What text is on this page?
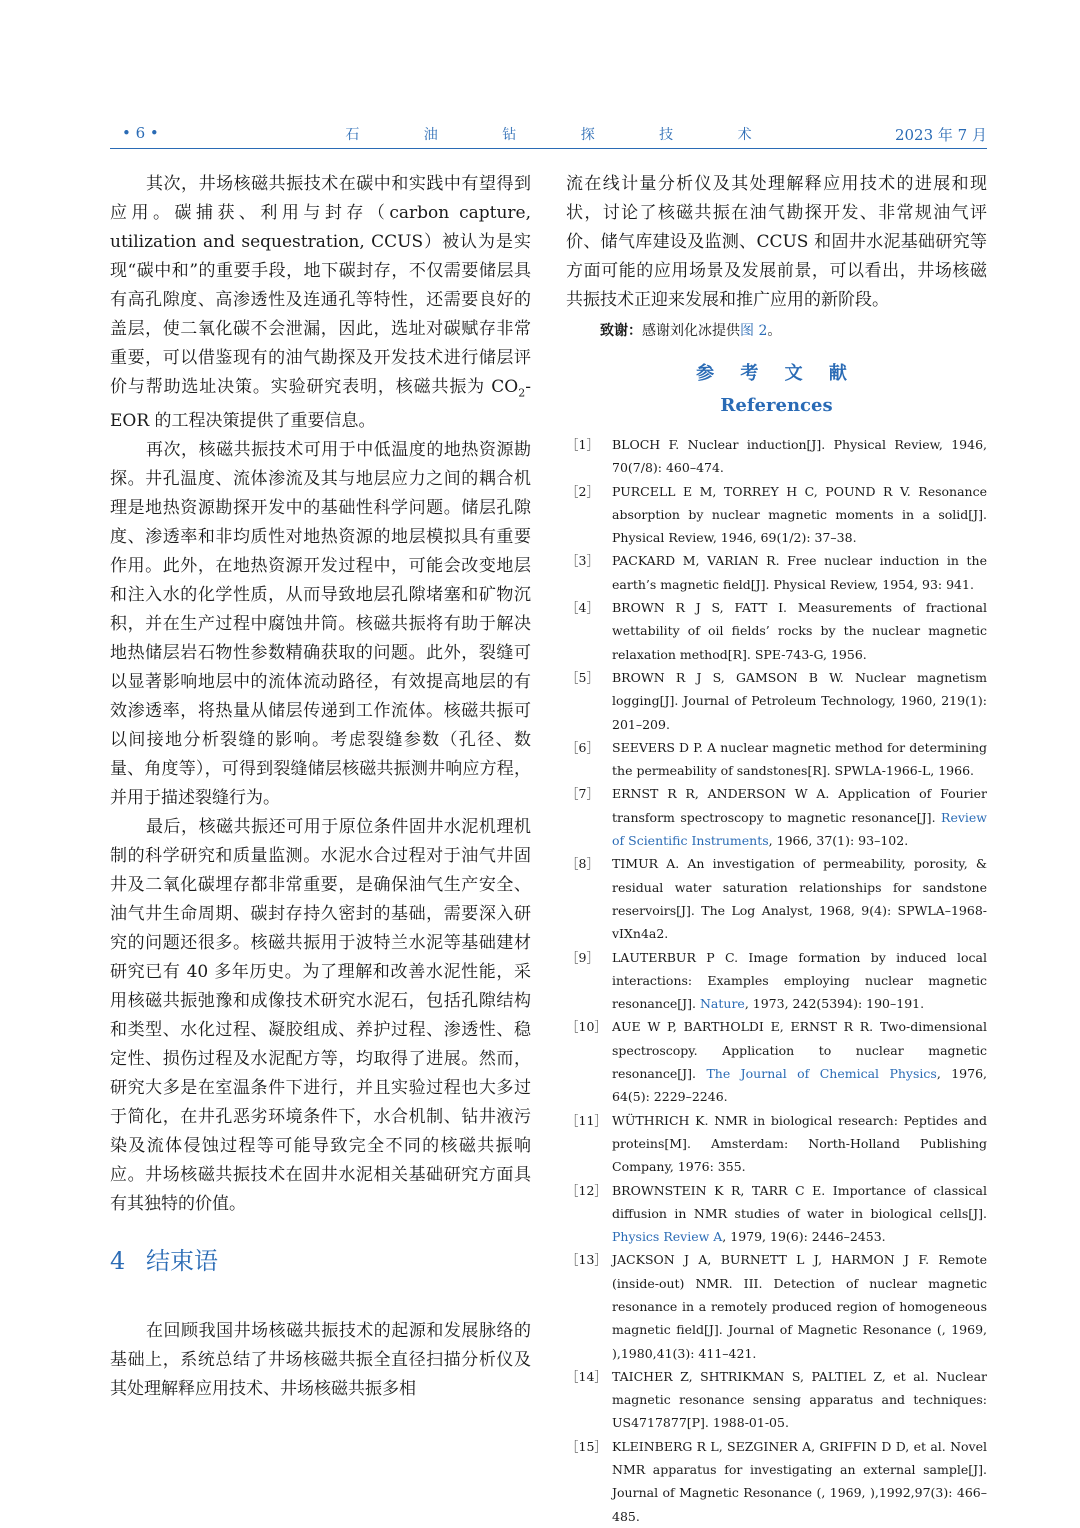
• 6 •	石 油 钻 探 技 术	2023 年 7 月

其次，井场核磁共振技术在碳中和实践中有望得到应用。碳捕获、利用与封存（carbon capture, utilization and sequestration, CCUS）被认为是实现“碳中和”的重要手段，地下碳封存，不仅需要储层具有高孔隙度、高渗透性及连通孔等特性，还需要良好的盖层，使二氧化碳不会泄漏，因此，选址对碳赋存非常重要，可以借鉴现有的油气勘探及开发技术进行储层评价与帮助选址决策。实验研究表明，核磁共振为 $CO_2$-EOR 的工程决策提供了重要信息。

再次，核磁共振技术可用于中低温度的地热资源勘探。井孔温度、流体渗流及其与地层应力之间的耦合机理是地热资源勘探开发中的基础性科学问题。储层孔隙度、渗透率和非均质性对地热资源的地层模拟具有重要作用。此外，在地热资源开发过程中，可能会改变地层和注入水的化学性质，从而导致地层孔隙堵塞和矿物沉积，并在生产过程中腐蚀井筒。核磁共振将有助于解决地热储层岩石物性参数精确获取的问题。此外，裂缝可以显著影响地层中的流体流动路径，有效提高地层的有效渗透率，将热量从储层传递到工作流体。核磁共振可以间接地分析裂缝的影响。考虑裂缝参数（孔径、数量、角度等），可得到裂缝储层核磁共振测井响应方程，并用于描述裂缝行为。

最后，核磁共振还可用于原位条件固井水泥机理机制的科学研究和质量监测。水泥水合过程对于油气井固井及二氧化碳埋存都非常重要，是确保油气生产安全、油气井生命周期、碳封存持久密封的基础，需要深入研究的问题还很多。核磁共振用于波特兰水泥等基础建材研究已有 40 多年历史。为了理解和改善水泥性能，采用核磁共振弛豫和成像技术研究水泥石，包括孔隙结构和类型、水化过程、凝胶组成、养护过程、渗透性、稳定性、损伤过程及水泥配方等，均取得了进展。然而，研究大多是在室温条件下进行，并且实验过程也大多过于简化，在井孔恶劣环境条件下，水合机制、钻井液污染及流体侵蚀过程等可能导致完全不同的核磁共振响应。井场核磁共振技术在固井水泥相关基础研究方面具有其独特的价值。

4 结束语

在回顾我国井场核磁共振技术的起源和发展脉络的基础上，系统总结了井场核磁共振全直径扫描分析仪及其处理解释应用技术、井场核磁共振多相

流在线计量分析仪及其处理解释应用技术的进展和现状，讨论了核磁共振在油气勘探开发、非常规油气评价、储气库建设及监测、CCUS 和固井水泥基础研究等方面可能的应用场景及发展前景，可以看出，井场核磁共振技术正迎来发展和推广应用的新阶段。

致谢：感谢刘化冰提供图 2。

参 考 文 献
References

［1］	BLOCH F. Nuclear induction[J]. Physical Review, 1946, 70(7/8): 460–474.

［2］	PURCELL E M, TORREY H C, POUND R V. Resonance absorption by nuclear magnetic moments in a solid[J]. Physical Review, 1946, 69(1/2): 37–38.

［3］	PACKARD M, VARIAN R. Free nuclear induction in the earth’s magnetic field[J]. Physical Review, 1954, 93: 941.

［4］	BROWN R J S, FATT I. Measurements of fractional wettability of oil fields’ rocks by the nuclear magnetic relaxation method[R]. SPE-743-G, 1956.

［5］	BROWN R J S, GAMSON B W. Nuclear magnetism logging[J]. Journal of Petroleum Technology, 1960, 219(1): 201–209.

［6］	SEEVERS D P. A nuclear magnetic method for determining the permeability of sandstones[R]. SPWLA-1966-L, 1966.

［7］	ERNST R R, ANDERSON W A. Application of Fourier transform spectroscopy to magnetic resonance[J]. Review of Scientific Instruments, 1966, 37(1): 93–102.

［8］	TIMUR A. An investigation of permeability, porosity, & residual water saturation relationships for sandstone reservoirs[J]. The Log Analyst, 1968, 9(4): SPWLA–1968-vIXn4a2.

［9］	LAUTERBUR P C. Image formation by induced local interactions: Examples employing nuclear magnetic resonance[J]. Nature, 1973, 242(5394): 190–191.

［10］ AUE W P, BARTHOLDI E, ERNST R R. Two-dimensional spectroscopy. Application to nuclear magnetic resonance[J]. The Journal of Chemical Physics, 1976, 64(5): 2229–2246.

［11］ WÜTHRICH K. NMR in biological research: Peptides and proteins[M]. Amsterdam: North-Holland Publishing Company, 1976: 355.

［12］ BROWNSTEIN K R, TARR C E. Importance of classical diffusion in NMR studies of water in biological cells[J]. Physics Review A, 1979, 19(6): 2446–2453.

［13］ JACKSON J A, BURNETT L J, HARMON J F. Remote (inside-out) NMR. III. Detection of nuclear magnetic resonance in a remotely produced region of homogeneous magnetic field[J]. Journal of Magnetic Resonance (, 1969, ),1980,41(3): 411–421.

［14］ TAICHER Z, SHTRIKMAN S, PALTIEL Z, et al. Nuclear magnetic resonance sensing apparatus and techniques: US4717877[P]. 1988-01-05.

［15］ KLEINBERG R L, SEZGINER A, GRIFFIN D D, et al. Novel NMR apparatus for investigating an external sample[J]. Journal of Magnetic Resonance (, 1969, ),1992,97(3): 466–485.
